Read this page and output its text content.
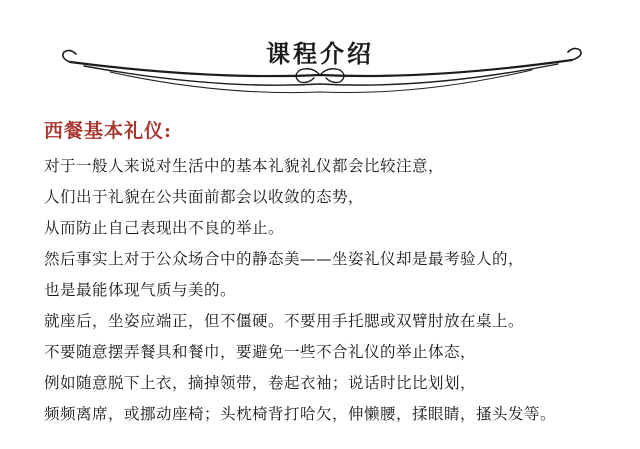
课程介绍
西餐基本礼仪:
对于一般人来说对生活中的基本礼貌礼仪都会比较注意，
人们出于礼貌在公共面前都会以收敛的态势，
从而防止自己表现出不良的举止。
然后事实上对于公众场合中的静态美——坐姿礼仪却是最考验人的，
也是最能体现气质与美的。
就座后，坐姿应端正，但不僵硬。不要用手托腮或双臂肘放在桌上。
不要随意摆弄餐具和餐巾，要避免一些不合礼仪的举止体态，
例如随意脱下上衣，摘掉领带，卷起衣袖；说话时比比划划，
频频离席，或挪动座椅；头枕椅背打哈欠，伸懒腰，揉眼睛，搔头发等。
